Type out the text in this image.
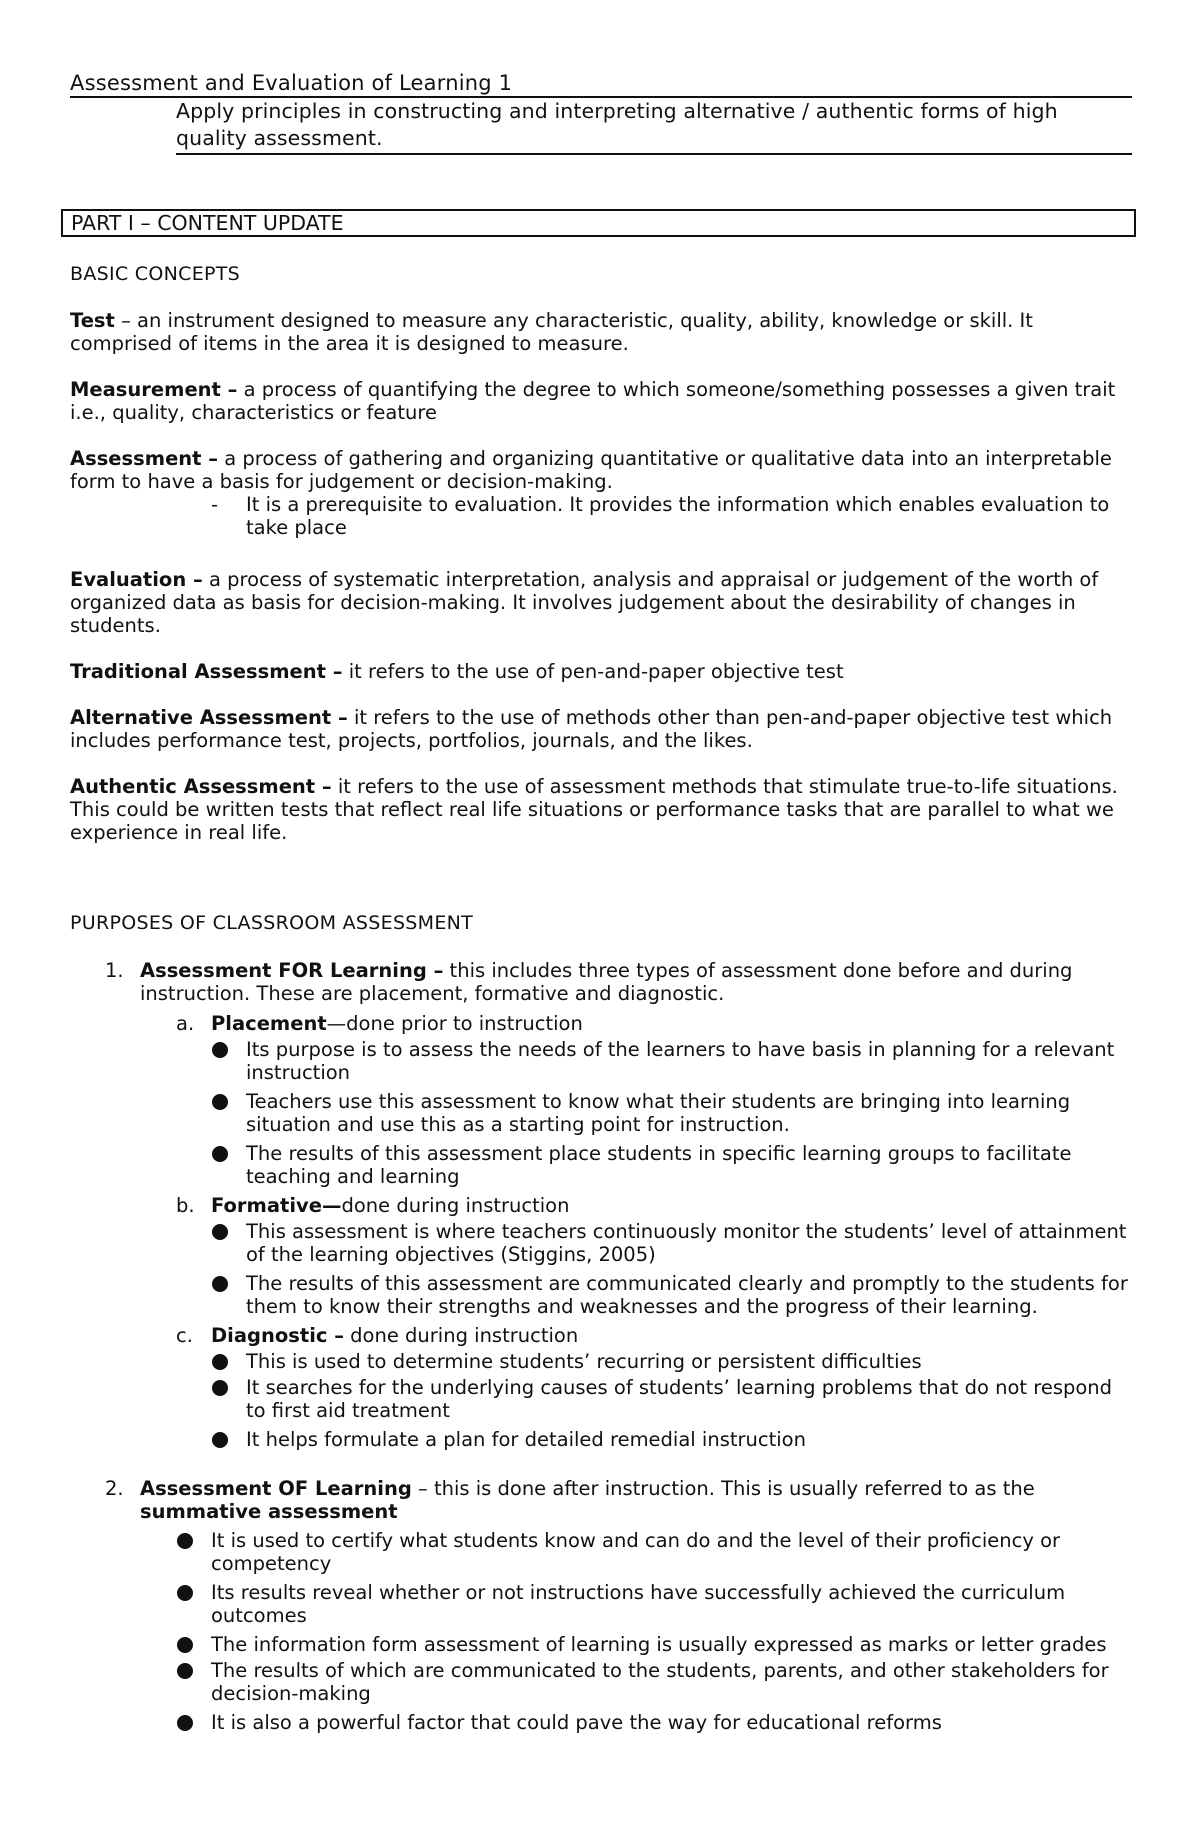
Assessment and Evaluation of Learning 1
Apply principles in constructing and interpreting alternative / authentic forms of high quality assessment.
PART I – CONTENT UPDATE
BASIC CONCEPTS
Test – an instrument designed to measure any characteristic, quality, ability, knowledge or skill. It comprised of items in the area it is designed to measure.
Measurement – a process of quantifying the degree to which someone/something possesses a given trait i.e., quality, characteristics or feature
Assessment – a process of gathering and organizing quantitative or qualitative data into an interpretable form to have a basis for judgement or decision-making.
- It is a prerequisite to evaluation. It provides the information which enables evaluation to take place
Evaluation – a process of systematic interpretation, analysis and appraisal or judgement of the worth of organized data as basis for decision-making. It involves judgement about the desirability of changes in students.
Traditional Assessment – it refers to the use of pen-and-paper objective test
Alternative Assessment – it refers to the use of methods other than pen-and-paper objective test which includes performance test, projects, portfolios, journals, and the likes.
Authentic Assessment – it refers to the use of assessment methods that stimulate true-to-life situations. This could be written tests that reflect real life situations or performance tasks that are parallel to what we experience in real life.
PURPOSES OF CLASSROOM ASSESSMENT
1. Assessment FOR Learning – this includes three types of assessment done before and during instruction. These are placement, formative and diagnostic.
a. Placement—done prior to instruction
Its purpose is to assess the needs of the learners to have basis in planning for a relevant instruction
Teachers use this assessment to know what their students are bringing into learning situation and use this as a starting point for instruction.
The results of this assessment place students in specific learning groups to facilitate teaching and learning
b. Formative—done during instruction
This assessment is where teachers continuously monitor the students’ level of attainment of the learning objectives (Stiggins, 2005)
The results of this assessment are communicated clearly and promptly to the students for them to know their strengths and weaknesses and the progress of their learning.
c. Diagnostic – done during instruction
This is used to determine students’ recurring or persistent difficulties
It searches for the underlying causes of students’ learning problems that do not respond to first aid treatment
It helps formulate a plan for detailed remedial instruction
2. Assessment OF Learning – this is done after instruction. This is usually referred to as the summative assessment
It is used to certify what students know and can do and the level of their proficiency or competency
Its results reveal whether or not instructions have successfully achieved the curriculum outcomes
The information form assessment of learning is usually expressed as marks or letter grades
The results of which are communicated to the students, parents, and other stakeholders for decision-making
It is also a powerful factor that could pave the way for educational reforms
